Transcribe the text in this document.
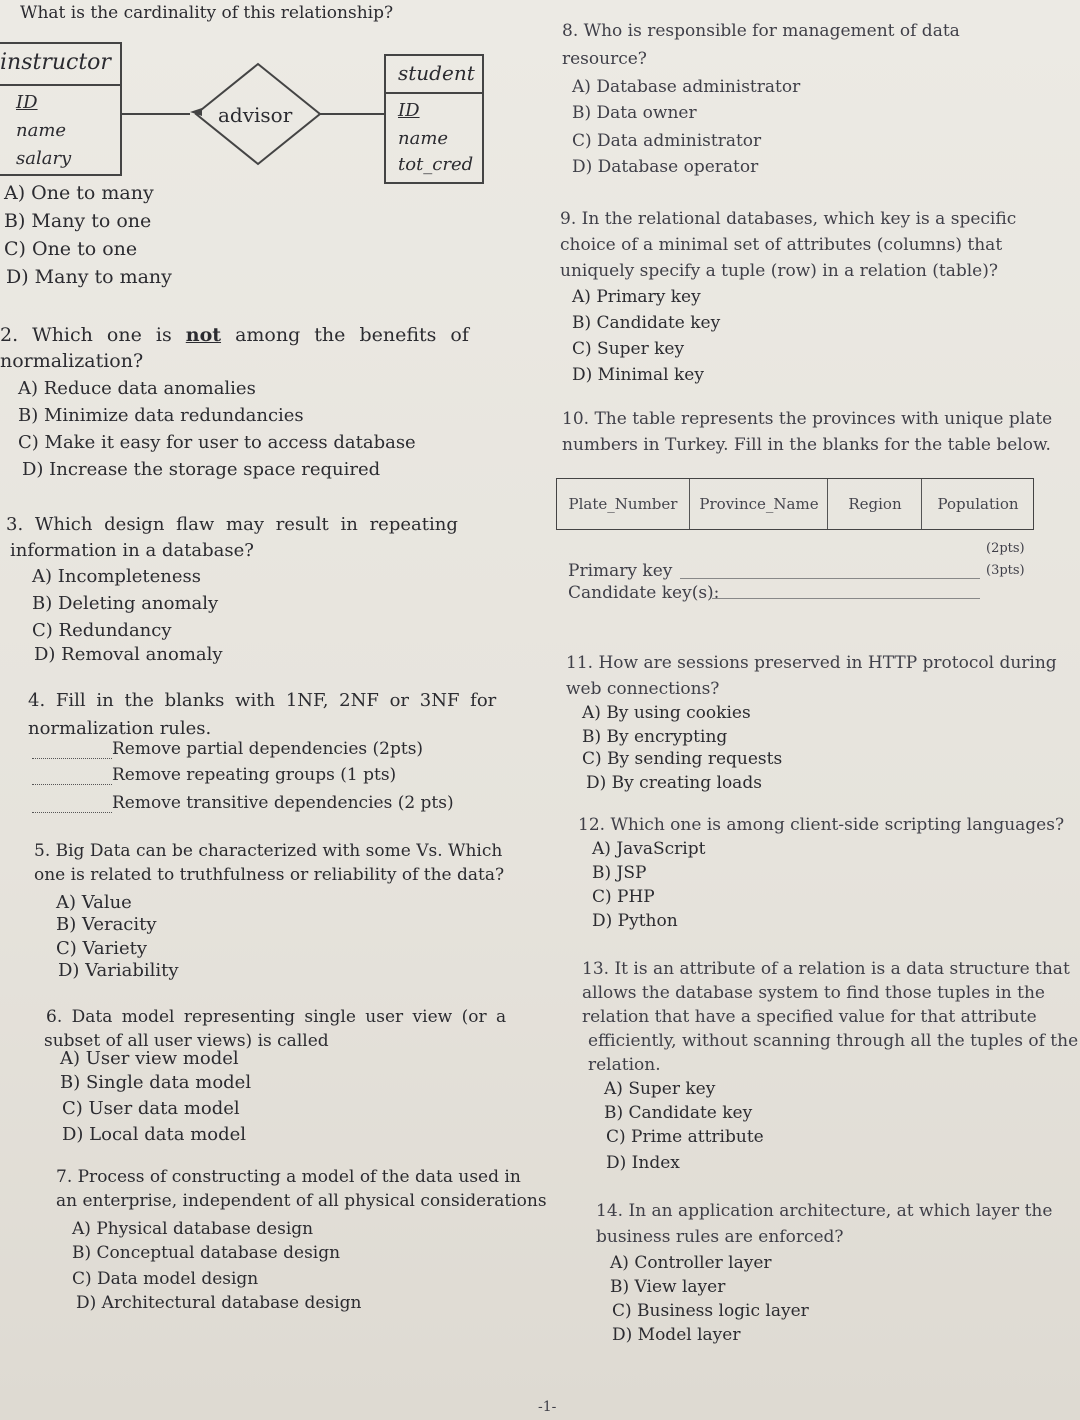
What is the cardinality of this relationship?
instructor
ID
name
salary
advisor
student
ID
name
tot_cred
A) One to many
B) Many to one
C) One to one
D) Many to many
2. Which one is not among the benefits of
normalization?
A) Reduce data anomalies
B) Minimize data redundancies
C) Make it easy for user to access database
D) Increase the storage space required
3. Which design flaw may result in repeating
information in a database?
A) Incompleteness
B) Deleting anomaly
C) Redundancy
D) Removal anomaly
4. Fill in the blanks with 1NF, 2NF or 3NF for
normalization rules.
Remove partial dependencies (2pts)
Remove repeating groups (1 pts)
Remove transitive dependencies (2 pts)
5. Big Data can be characterized with some Vs. Which
one is related to truthfulness or reliability of the data?
A) Value
B) Veracity
C) Variety
D) Variability
6. Data model representing single user view (or a
subset of all user views) is called
A) User view model
B) Single data model
C) User data model
D) Local data model
7. Process of constructing a model of the data used in
an enterprise, independent of all physical considerations
A) Physical database design
B) Conceptual database design
C) Data model design
D) Architectural database design
8. Who is responsible for management of data
resource?
A) Database administrator
B) Data owner
C) Data administrator
D) Database operator
9. In the relational databases, which key is a specific
choice of a minimal set of attributes (columns) that
uniquely specify a tuple (row) in a relation (table)?
A) Primary key
B) Candidate key
C) Super key
D) Minimal key
10. The table represents the provinces with unique plate
numbers in Turkey. Fill in the blanks for the table below.
Plate_Number	Province_Name	Region	Population
Primary key
(2pts)
Candidate key(s):
(3pts)
11. How are sessions preserved in HTTP protocol during
web connections?
A) By using cookies
B) By encrypting
C) By sending requests
D) By creating loads
12. Which one is among client-side scripting languages?
A) JavaScript
B) JSP
C) PHP
D) Python
13. It is an attribute of a relation is a data structure that
allows the database system to find those tuples in the
relation that have a specified value for that attribute
efficiently, without scanning through all the tuples of the
relation.
A) Super key
B) Candidate key
C) Prime attribute
D) Index
14. In an application architecture, at which layer the
business rules are enforced?
A) Controller layer
B) View layer
C) Business logic layer
D) Model layer
-1-
